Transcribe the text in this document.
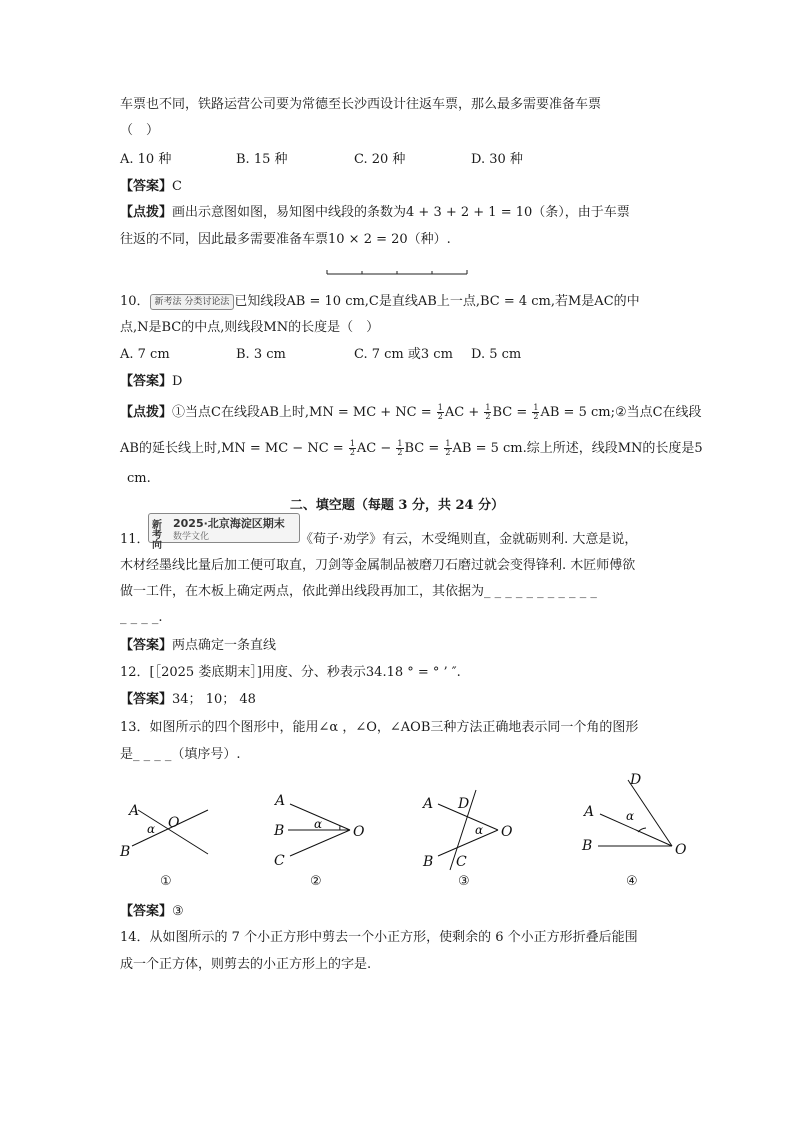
车票也不同，铁路运营公司要为常德至长沙西设计往返车票，那么最多需要准备车票
（　）
A. 10 种	B. 15 种	C. 20 种	D. 30 种
【答案】C
【点拨】画出示意图如图，易知图中线段的条数为4 + 3 + 2 + 1 = 10（条），由于车票
往返的不同，因此最多需要准备车票10 × 2 = 20（种）.
10． 新考法 分类讨论法 已知线段AB = 10 cm,C是直线AB上一点,BC = 4 cm,若M是AC的中
点,N是BC的中点,则线段MN的长度是（　）
A. 7 cm	B. 3 cm	C. 7 cm 或3 cm D. 5 cm
【答案】D
【点拨】①当点C在线段AB上时,MN = MC + NC = $\frac{1}{2}$ AC + $\frac{1}{2}$ BC = $\frac{1}{2}$ AB = 5 cm;②当点C在线段
AB的延长线上时,MN = MC − NC = $\frac{1}{2}$ AC − $\frac{1}{2}$ BC = $\frac{1}{2}$ AB = 5 cm.综上所述，线段MN的长度是5
cm.
二、填空题（每题 3 分，共 24 分）
2025·北京海淀区期末
新考向
数学文化
11．	《荀子·劝学》有云，木受绳则直，金就砺则利. 大意是说，
木材经墨线比量后加工便可取直，刀剑等金属制品被磨刀石磨过就会变得锋利. 木匠师傅欲
做一工件，在木板上确定两点，依此弹出线段再加工，其依据为_ _ _ _ _ _ _ _ _ _ _
_ _ _ _.
【答案】两点确定一条直线
12．[［2025 娄底期末］]用度、分、秒表示34.18 ° = ° ’ ″.
【答案】34； 10； 48
13．如图所示的四个图形中，能用∠α ，∠O，∠AOB三种方法正确地表示同一个角的图形
是_ _ _ _（填序号）.
A
B
O
α
A
B
C
O
α
A D
B C
O
α
D
A
B	O
α
①	②	③	④
【答案】③
14．从如图所示的 7 个小正方形中剪去一个小正方形，使剩余的 6 个小正方形折叠后能围
成一个正方体，则剪去的小正方形上的字是.
